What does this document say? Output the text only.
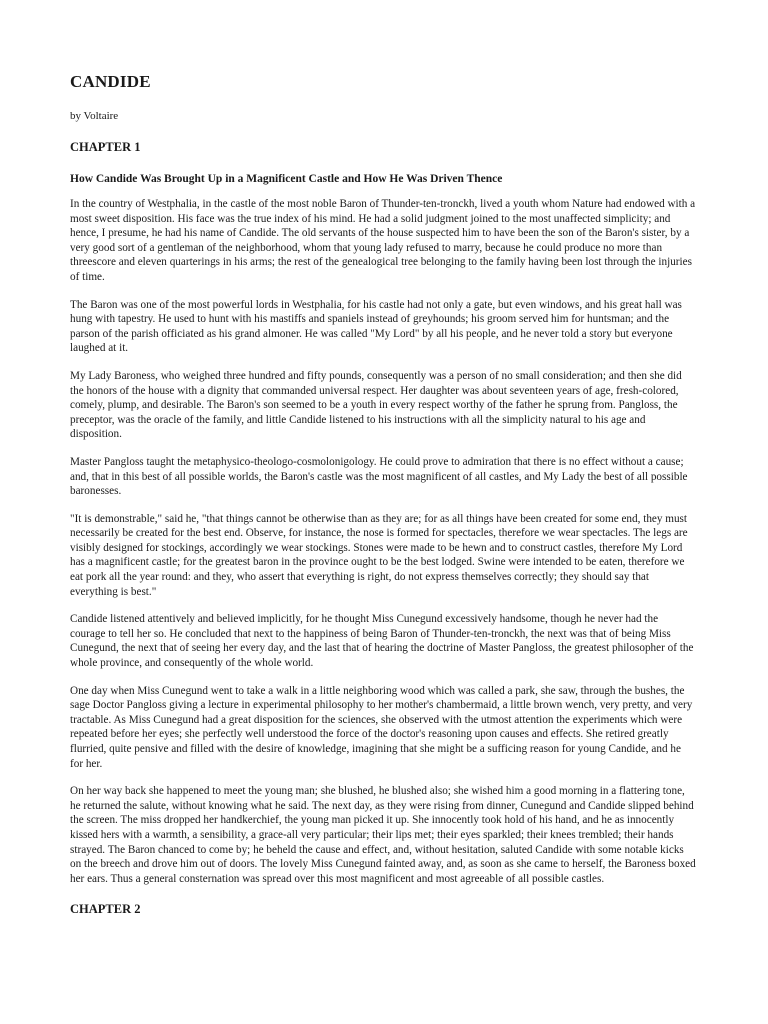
CANDIDE

by Voltaire

CHAPTER 1
How Candide Was Brought Up in a Magnificent Castle and How He Was Driven Thence

In the country of Westphalia, in the castle of the most noble Baron of Thunder-ten-tronckh, lived a youth whom Nature had endowed with a most sweet disposition. His face was the true index of his mind. He had a solid judgment joined to the most unaffected simplicity; and hence, I presume, he had his name of Candide. The old servants of the house suspected him to have been the son of the Baron's sister, by a very good sort of a gentleman of the neighborhood, whom that young lady refused to marry, because he could produce no more than threescore and eleven quarterings in his arms; the rest of the genealogical tree belonging to the family having been lost through the injuries of time.

The Baron was one of the most powerful lords in Westphalia, for his castle had not only a gate, but even windows, and his great hall was hung with tapestry. He used to hunt with his mastiffs and spaniels instead of greyhounds; his groom served him for huntsman; and the parson of the parish officiated as his grand almoner. He was called "My Lord" by all his people, and he never told a story but everyone laughed at it.

My Lady Baroness, who weighed three hundred and fifty pounds, consequently was a person of no small consideration; and then she did the honors of the house with a dignity that commanded universal respect. Her daughter was about seventeen years of age, fresh-colored, comely, plump, and desirable. The Baron's son seemed to be a youth in every respect worthy of the father he sprung from. Pangloss, the preceptor, was the oracle of the family, and little Candide listened to his instructions with all the simplicity natural to his age and disposition.

Master Pangloss taught the metaphysico-theologo-cosmolonigology. He could prove to admiration that there is no effect without a cause; and, that in this best of all possible worlds, the Baron's castle was the most magnificent of all castles, and My Lady the best of all possible baronesses.

"It is demonstrable," said he, "that things cannot be otherwise than as they are; for as all things have been created for some end, they must necessarily be created for the best end. Observe, for instance, the nose is formed for spectacles, therefore we wear spectacles. The legs are visibly designed for stockings, accordingly we wear stockings. Stones were made to be hewn and to construct castles, therefore My Lord has a magnificent castle; for the greatest baron in the province ought to be the best lodged. Swine were intended to be eaten, therefore we eat pork all the year round: and they, who assert that everything is right, do not express themselves correctly; they should say that everything is best."

Candide listened attentively and believed implicitly, for he thought Miss Cunegund excessively handsome, though he never had the courage to tell her so. He concluded that next to the happiness of being Baron of Thunder-ten-tronckh, the next was that of being Miss Cunegund, the next that of seeing her every day, and the last that of hearing the doctrine of Master Pangloss, the greatest philosopher of the whole province, and consequently of the whole world.

One day when Miss Cunegund went to take a walk in a little neighboring wood which was called a park, she saw, through the bushes, the sage Doctor Pangloss giving a lecture in experimental philosophy to her mother's chambermaid, a little brown wench, very pretty, and very tractable. As Miss Cunegund had a great disposition for the sciences, she observed with the utmost attention the experiments which were repeated before her eyes; she perfectly well understood the force of the doctor's reasoning upon causes and effects. She retired greatly flurried, quite pensive and filled with the desire of knowledge, imagining that she might be a sufficing reason for young Candide, and he for her.

On her way back she happened to meet the young man; she blushed, he blushed also; she wished him a good morning in a flattering tone, he returned the salute, without knowing what he said. The next day, as they were rising from dinner, Cunegund and Candide slipped behind the screen. The miss dropped her handkerchief, the young man picked it up. She innocently took hold of his hand, and he as innocently kissed hers with a warmth, a sensibility, a grace-all very particular; their lips met; their eyes sparkled; their knees trembled; their hands strayed. The Baron chanced to come by; he beheld the cause and effect, and, without hesitation, saluted Candide with some notable kicks on the breech and drove him out of doors. The lovely Miss Cunegund fainted away, and, as soon as she came to herself, the Baroness boxed her ears. Thus a general consternation was spread over this most magnificent and most agreeable of all possible castles.

CHAPTER 2
